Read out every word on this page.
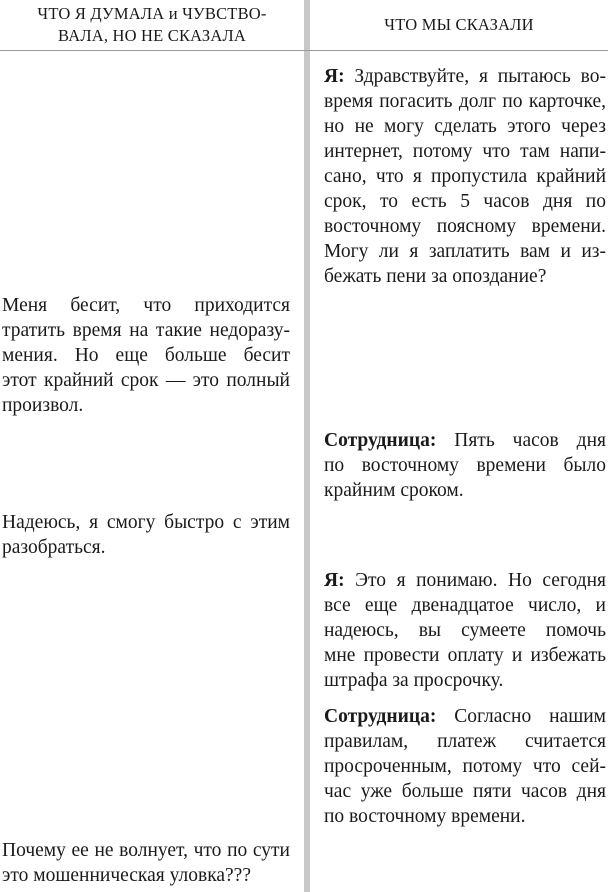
ЧТО Я ДУМАЛА и ЧУВСТВО-
ВАЛА, НО НЕ СКАЗАЛА
ЧТО МЫ СКАЗАЛИ
Меня бесит, что приходится
тратить время на такие недоразу-
мения. Но еще больше бесит
этот крайний срок — это полный
произвол.
Надеюсь, я смогу быстро с этим
разобраться.
Почему ее не волнует, что по сути
это мошенническая уловка???
Я: Здравствуйте, я пытаюсь во-
время погасить долг по карточке,
но не могу сделать этого через
интернет, потому что там напи-
сано, что я пропустила крайний
срок, то есть 5 часов дня по
восточному поясному времени.
Могу ли я заплатить вам и из-
бежать пени за опоздание?
Сотрудница: Пять часов дня
по восточному времени было
крайним сроком.
Я: Это я понимаю. Но сегодня
все еще двенадцатое число, и
надеюсь, вы сумеете помочь
мне провести оплату и избежать
штрафа за просрочку.
Сотрудница: Согласно нашим
правилам, платеж считается
просроченным, потому что сей-
час уже больше пяти часов дня
по восточному времени.
